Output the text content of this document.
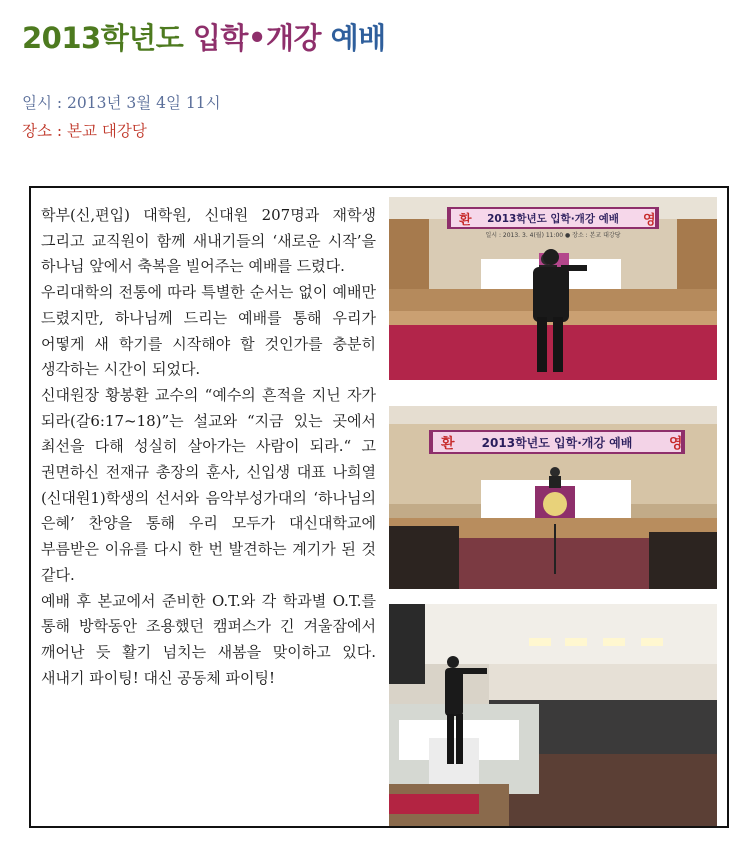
2013학년도 입학•개강 예배
일시 : 2013년 3월 4일 11시
장소 : 본교 대강당

학부(신,편입) 대학원, 신대원 207명과 재학생 그리고 교직원이 함께 새내기들의 ‘새로운 시작’을 하나님 앞에서 축복을 빌어주는 예배를 드렸다.

우리대학의 전통에 따라 특별한 순서는 없이 예배만 드렸지만, 하나님께 드리는 예배를 통해 우리가 어떻게 새 학기를 시작해야 할 것인가를 충분히 생각하는 시간이 되었다.

신대원장 황봉환 교수의 “예수의 흔적을 지닌 자가 되라(갈6:17~18)”는 설교와 “지금 있는 곳에서 최선을 다해 성실히 살아가는 사람이 되라.“ 고 권면하신 전재규 총장의 훈사, 신입생 대표 나희열(신대원1)학생의 선서와 음악부성가대의 ‘하나님의 은혜’ 찬양을 통해 우리 모두가 대신대학교에 부름받은 이유를 다시 한 번 발견하는 계기가 된 것 같다.

예배 후 본교에서 준비한 O.T.와 각 학과별 O.T.를 통해 방학동안 조용했던 캠퍼스가 긴 겨울잠에서 깨어난 듯 활기 넘치는 새봄을 맞이하고 있다. 새내기 파이팅! 대신 공동체 파이팅!

환 2013학년도 입학·개강 예배 영
일시 : 2013. 3. 4(월) 11:00 ● 장소 : 본교 대강당
환 2013학년도 입학·개강 예배	영
